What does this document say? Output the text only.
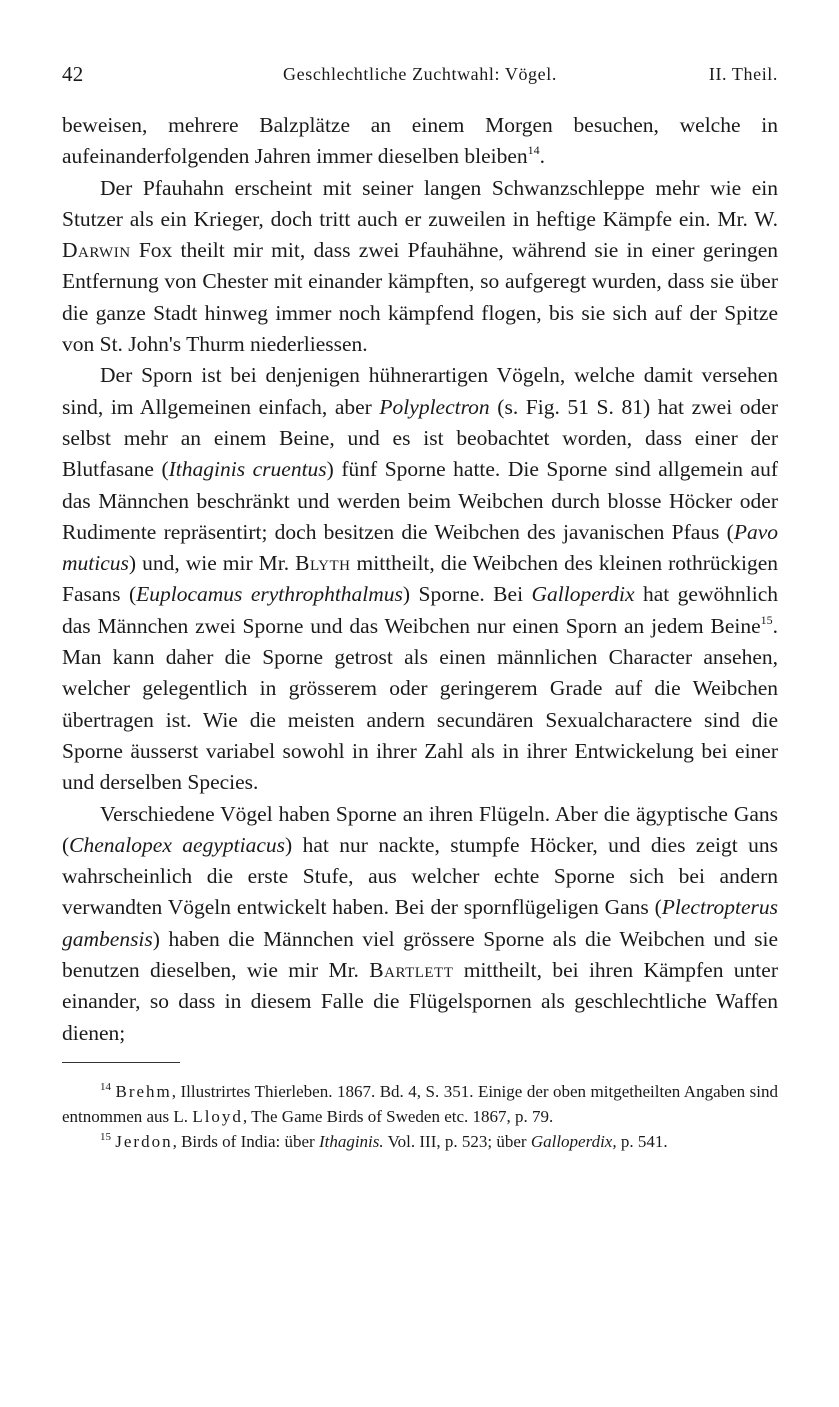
42	Geschlechtliche Zuchtwahl: Vögel.	II. Theil.

beweisen, mehrere Balzplätze an einem Morgen besuchen, welche in aufeinanderfolgenden Jahren immer dieselben bleiben$^{14}$.

Der Pfauhahn erscheint mit seiner langen Schwanzschleppe mehr wie ein Stutzer als ein Krieger, doch tritt auch er zuweilen in heftige Kämpfe ein. Mr. W. Darwin Fox theilt mir mit, dass zwei Pfauhähne, während sie in einer geringen Entfernung von Chester mit einander kämpften, so aufgeregt wurden, dass sie über die ganze Stadt hinweg immer noch kämpfend flogen, bis sie sich auf der Spitze von St. John's Thurm niederliessen.

Der Sporn ist bei denjenigen hühnerartigen Vögeln, welche damit versehen sind, im Allgemeinen einfach, aber Polyplectron (s. Fig. 51 S. 81) hat zwei oder selbst mehr an einem Beine, und es ist beobachtet worden, dass einer der Blutfasane (Ithaginis cruentus) fünf Sporne hatte. Die Sporne sind allgemein auf das Männchen beschränkt und werden beim Weibchen durch blosse Höcker oder Rudimente repräsentirt; doch besitzen die Weibchen des javanischen Pfaus (Pavo muticus) und, wie mir Mr. Blyth mittheilt, die Weibchen des kleinen rothrückigen Fasans (Euplocamus erythrophthalmus) Sporne. Bei Galloperdix hat gewöhnlich das Männchen zwei Sporne und das Weibchen nur einen Sporn an jedem Beine$^{15}$. Man kann daher die Sporne getrost als einen männlichen Character ansehen, welcher gelegentlich in grösserem oder geringerem Grade auf die Weibchen übertragen ist. Wie die meisten andern secundären Sexualcharactere sind die Sporne äusserst variabel sowohl in ihrer Zahl als in ihrer Entwickelung bei einer und derselben Species.

Verschiedene Vögel haben Sporne an ihren Flügeln. Aber die ägyptische Gans (Chenalopex aegyptiacus) hat nur nackte, stumpfe Höcker, und dies zeigt uns wahrscheinlich die erste Stufe, aus welcher echte Sporne sich bei andern verwandten Vögeln entwickelt haben. Bei der spornflügeligen Gans (Plectropterus gambensis) haben die Männchen viel grössere Sporne als die Weibchen und sie benutzen dieselben, wie mir Mr. Bartlett mittheilt, bei ihren Kämpfen unter einander, so dass in diesem Falle die Flügelspornen als geschlechtliche Waffen dienen;

$^{14}$ Brehm, Illustrirtes Thierleben. 1867. Bd. 4, S. 351. Einige der oben mitgetheilten Angaben sind entnommen aus L. Lloyd, The Game Birds of Sweden etc. 1867, p. 79.

$^{15}$ Jerdon, Birds of India: über Ithaginis. Vol. III, p. 523; über Galloperdix, p. 541.
